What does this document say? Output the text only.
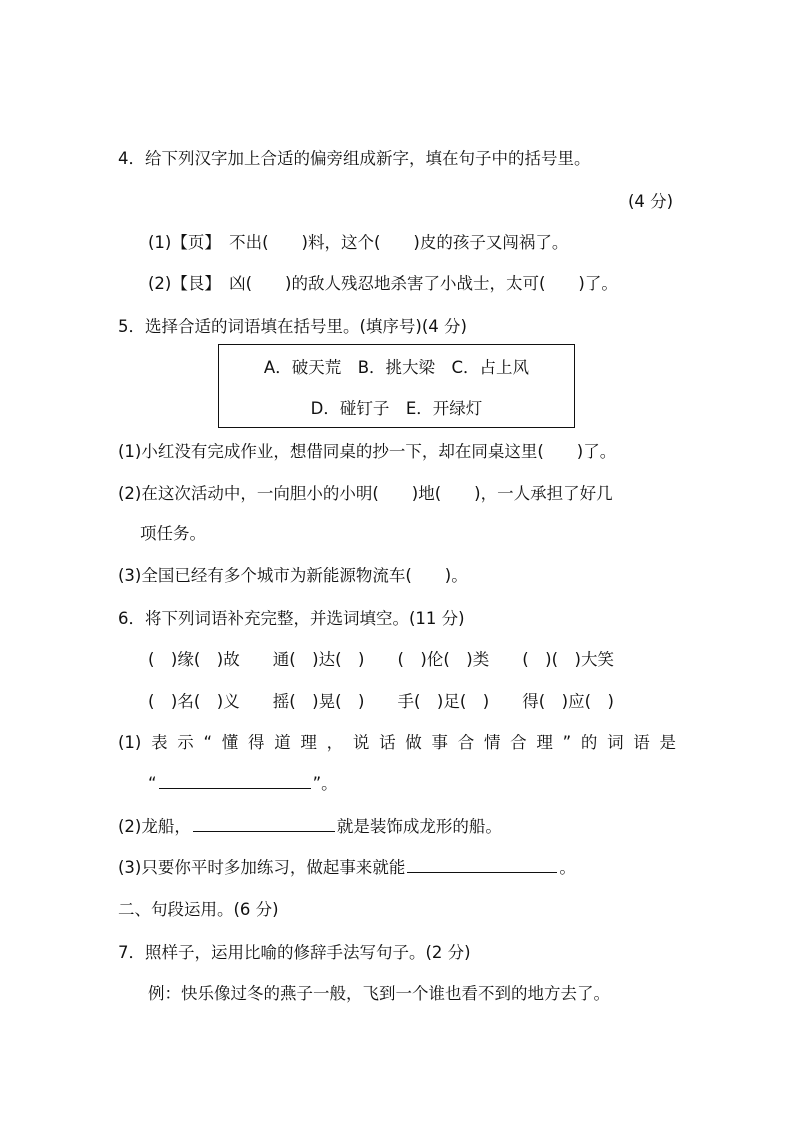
4．给下列汉字加上合适的偏旁组成新字，填在句子中的括号里。
(4 分)
(1)【页】　不出(　　)料，这个(　　)皮的孩子又闯祸了。
(2)【艮】　凶(　　)的敌人残忍地杀害了小战士，太可(　　)了。
5．选择合适的词语填在括号里。(填序号)(4 分)
A．破天荒　B．挑大梁　C．占上风
D．碰钉子　E．开绿灯
(1)小红没有完成作业，想借同桌的抄一下，却在同桌这里(　　)了。
(2)在这次活动中，一向胆小的小明(　　)地(　　)，一人承担了好几
项任务。
(3)全国已经有多个城市为新能源物流车(　　)。
6．将下列词语补充完整，并选词填空。(11 分)
(　)缘(　)故　　通(　)达(　)　　(　)伦(　)类　　(　)(　)大笑
(　)名(　)义　　摇(　)晃(　)　　手(　)足(　)　　得(　)应(　)
(1)表示“懂得道理，说话做事合情合理”的词语是
“	”。
(2)龙船，	就是装饰成龙形的船。
(3)只要你平时多加练习，做起事来就能	。
二、句段运用。(6 分)
7．照样子，运用比喻的修辞手法写句子。(2 分)
例：快乐像过冬的燕子一般，飞到一个谁也看不到的地方去了。
